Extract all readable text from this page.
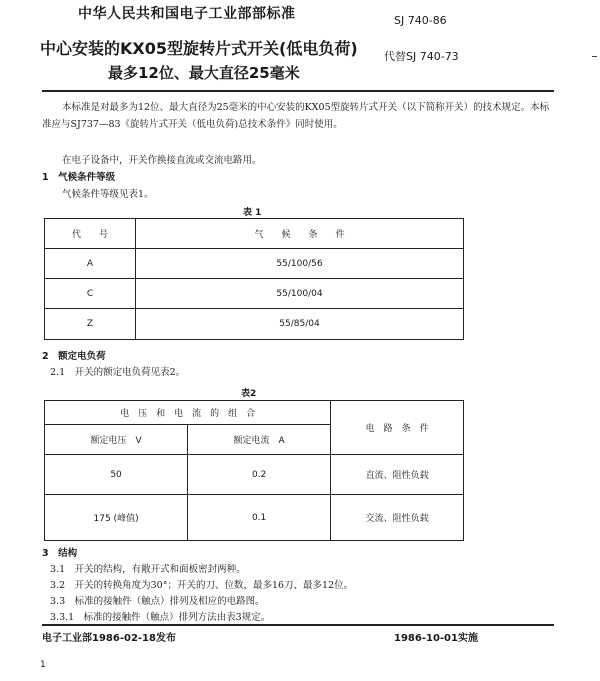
中华人民共和国电子工业部部标准	SJ 740-86
中心安装的KX05型旋转片式开关(低电负荷)
最多12位、最大直径25毫米
代替SJ 740-73
本标准是对最多为12位、最大直径为25毫米的中心安装的KX05型旋转片式开关（以下简称开关）的技术规定。本标准应与SJ737—83《旋转片式开关（低电负荷)总技术条件》同时使用。
在电子设备中，开关作换接直流或交流电路用。
1　气候条件等级
气候条件等级见表1。
表 1
代　　号	气　　候　　条　　件
A	55/100/56
C	55/100/04
Z	55/85/04
2　额定电负荷
2.1　开关的额定电负荷见表2。
表2
电　压　和　电　流　的　组　合		电　路　条　件
额定电压　V	额定电流　A	
50	0.2	直流、阻性负载
175 (峰值)	0.1	交流、阻性负载
3　结构
3.1　开关的结构，有敞开式和面板密封两种。
3.2　开关的转换角度为30°；开关的刀、位数，最多16刀、最多12位。
3.3　标准的接触件（触点）排列及相应的电路图。
3.3.1　标准的接触件（触点）排列方法由表3规定。
电子工业部1986-02-18发布	1986-10-01实施
1
